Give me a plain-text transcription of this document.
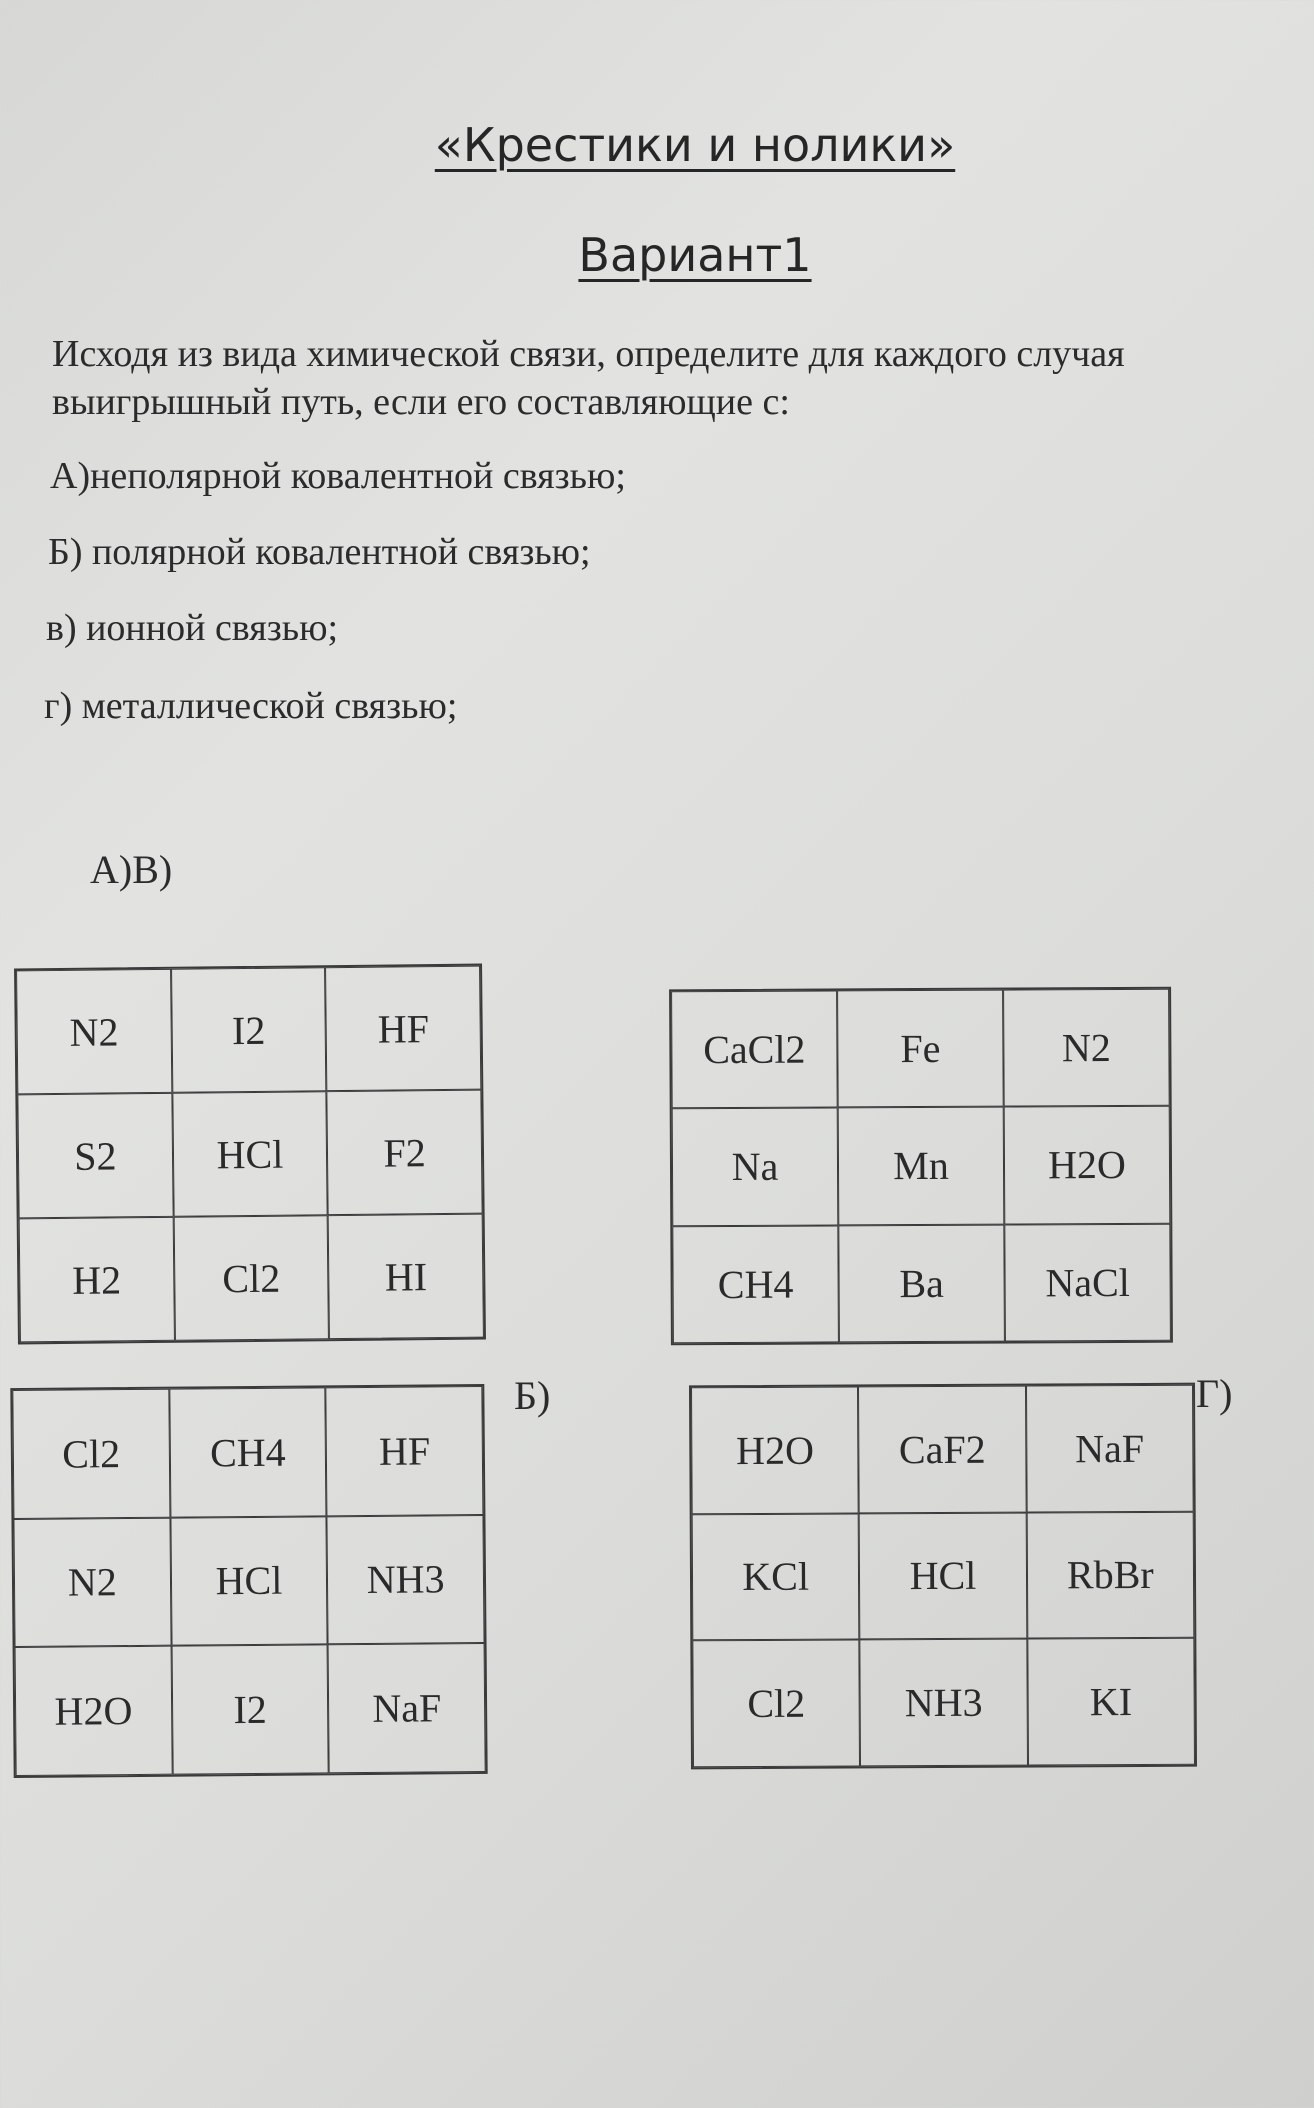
«Крестики и нолики»
Вариант1
Исходя из вида химической связи, определите для каждого случая
выигрышный путь, если его составляющие с:

А)неполярной ковалентной связью;

Б) полярной ковалентной связью;

в) ионной связью;

г) металлической связью;

А)В)
Б)	Г)
N2	I2	HF
S2	HCl	F2
H2	Cl2	HI
CaCl2	Fe	N2
Na	Mn	H2O
CH4	Ba	NaCl
Cl2	CH4	HF
N2	HCl	NH3
H2O	I2	NaF
H2O	CaF2	NaF
KCl	HCl	RbBr
Cl2	NH3	KI
